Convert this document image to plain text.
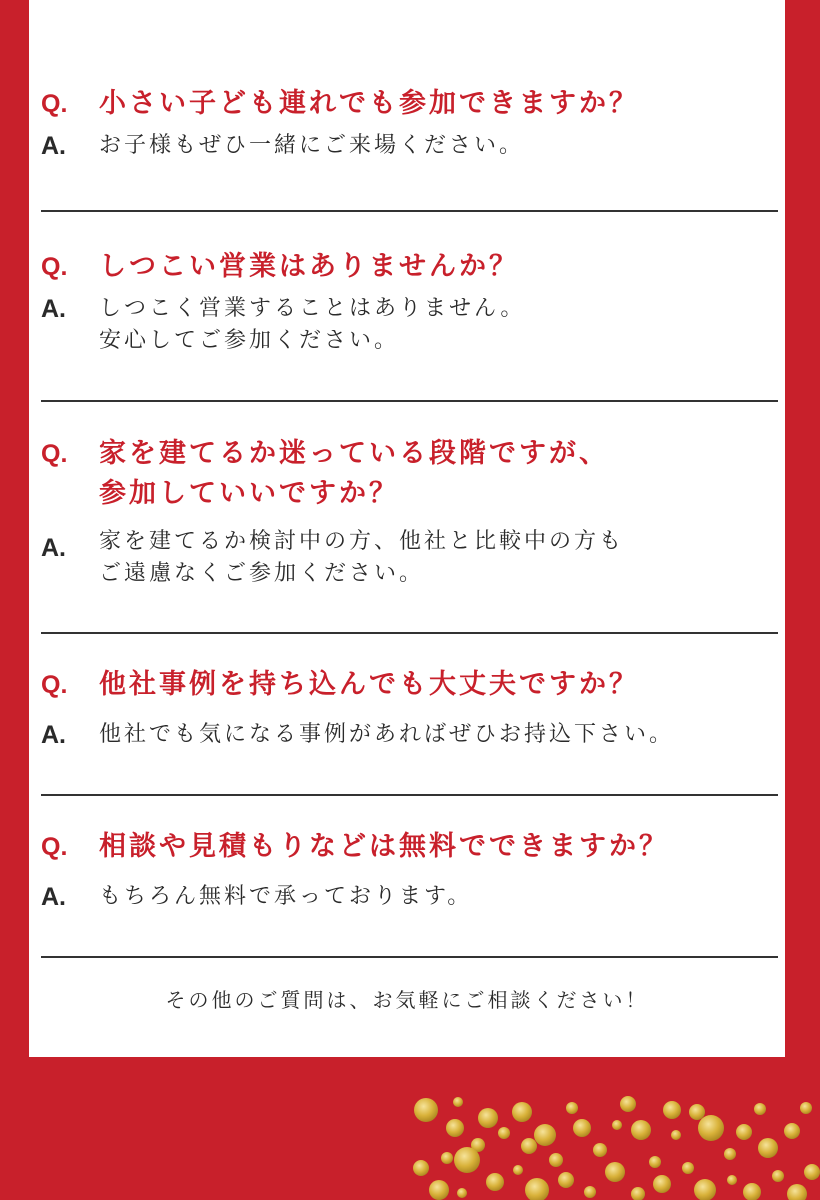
Q.	小さい子ども連れでも参加できますか？
A.	お子様もぜひ一緒にご来場ください。
Q.	しつこい営業はありませんか？
A.	しつこく営業することはありません。
安心してご参加ください。
Q.	家を建てるか迷っている段階ですが、
参加していいですか？
A.	家を建てるか検討中の方、他社と比較中の方も
ご遠慮なくご参加ください。
Q.	他社事例を持ち込んでも大丈夫ですか？
A.	他社でも気になる事例があればぜひお持込下さい。
Q.	相談や見積もりなどは無料でできますか？
A.	もちろん無料で承っております。
その他のご質問は、お気軽にご相談ください！
